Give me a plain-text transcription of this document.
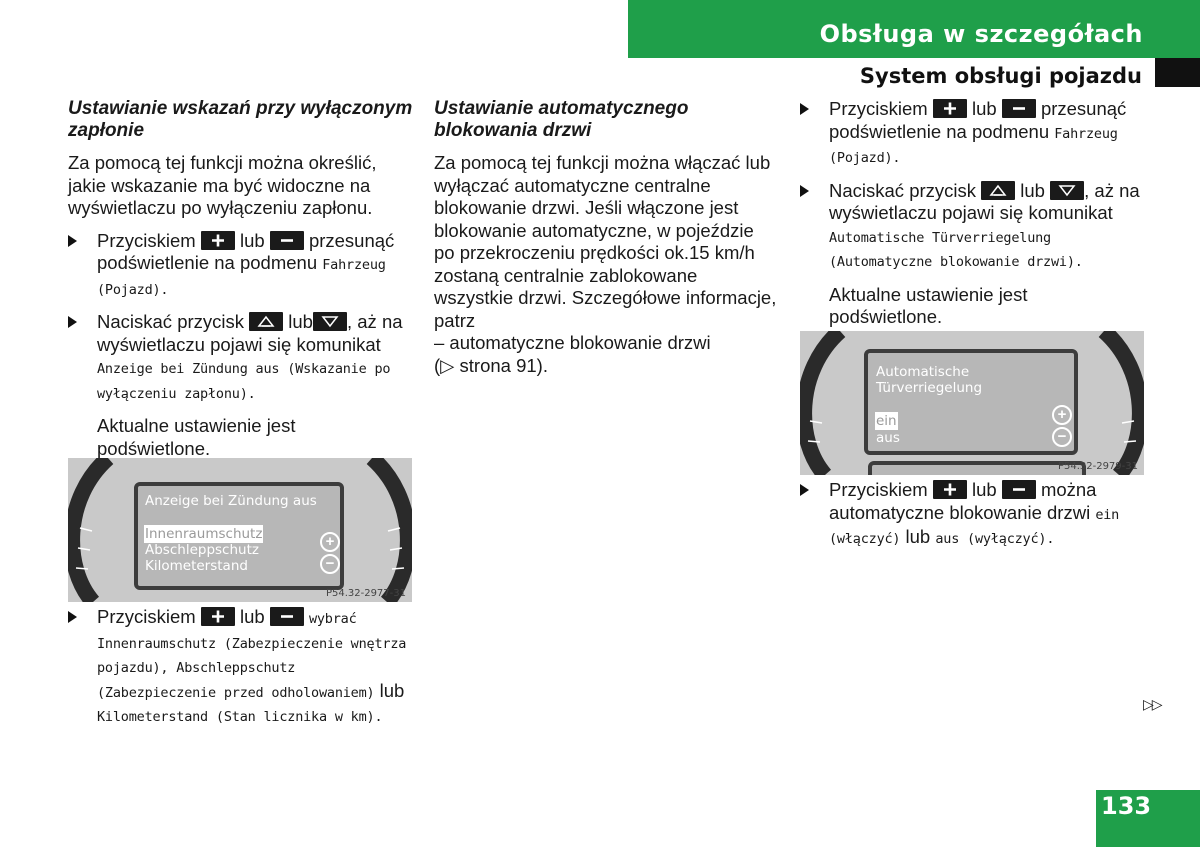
Obsługa w szczegółach
System obsługi pojazdu
Ustawianie wskazań przy wyłączonym zapłonie

Za pomocą tej funkcji można określić, jakie wskazanie ma być widoczne na wyświetlaczu po wyłączeniu zapłonu.

Przyciskiem lub przesunąć podświetlenie na podmenu Fahrzeug (Pojazd).
Naciskać przycisk lub , aż na wyświetlaczu pojawi się komunikat Anzeige bei Zündung aus (Wskazanie po wyłączeniu zapłonu).

Aktualne ustawienie jest podświetlone.

Anzeige bei Zündung aus
Innenraumschutz
Abschleppschutz
Kilometerstand
+
−
P54.32-2977-31
Przyciskiem lub	wybrać Innenraumschutz (Zabezpieczenie wnętrza pojazdu), Abschleppschutz (Zabezpieczenie przed odholowaniem) lub Kilometerstand (Stan licznika w km).
Ustawianie automatycznego blokowania drzwi

Za pomocą tej funkcji można włączać lub wyłączać automatyczne centralne blokowanie drzwi. Jeśli włączone jest blokowanie automatyczne, w pojeździe po przekroczeniu prędkości ok.15 km/h zostaną centralnie zablokowane wszystkie drzwi. Szczegółowe informacje, patrz

– automatyczne blokowanie drzwi
(▷ strona 91).
Przyciskiem lub przesunąć podświetlenie na podmenu Fahrzeug (Pojazd).
Naciskać przycisk lub , aż na wyświetlaczu pojawi się komunikat Automatische Türverriegelung (Automatyczne blokowanie drzwi).

Aktualne ustawienie jest podświetlone.

Automatische
Türverriegelung
ein
aus
+
−
P54.32-2979-31
Przyciskiem lub można automatyczne blokowanie drzwi ein (włączyć) lub aus (wyłączyć).
▷▷
133
